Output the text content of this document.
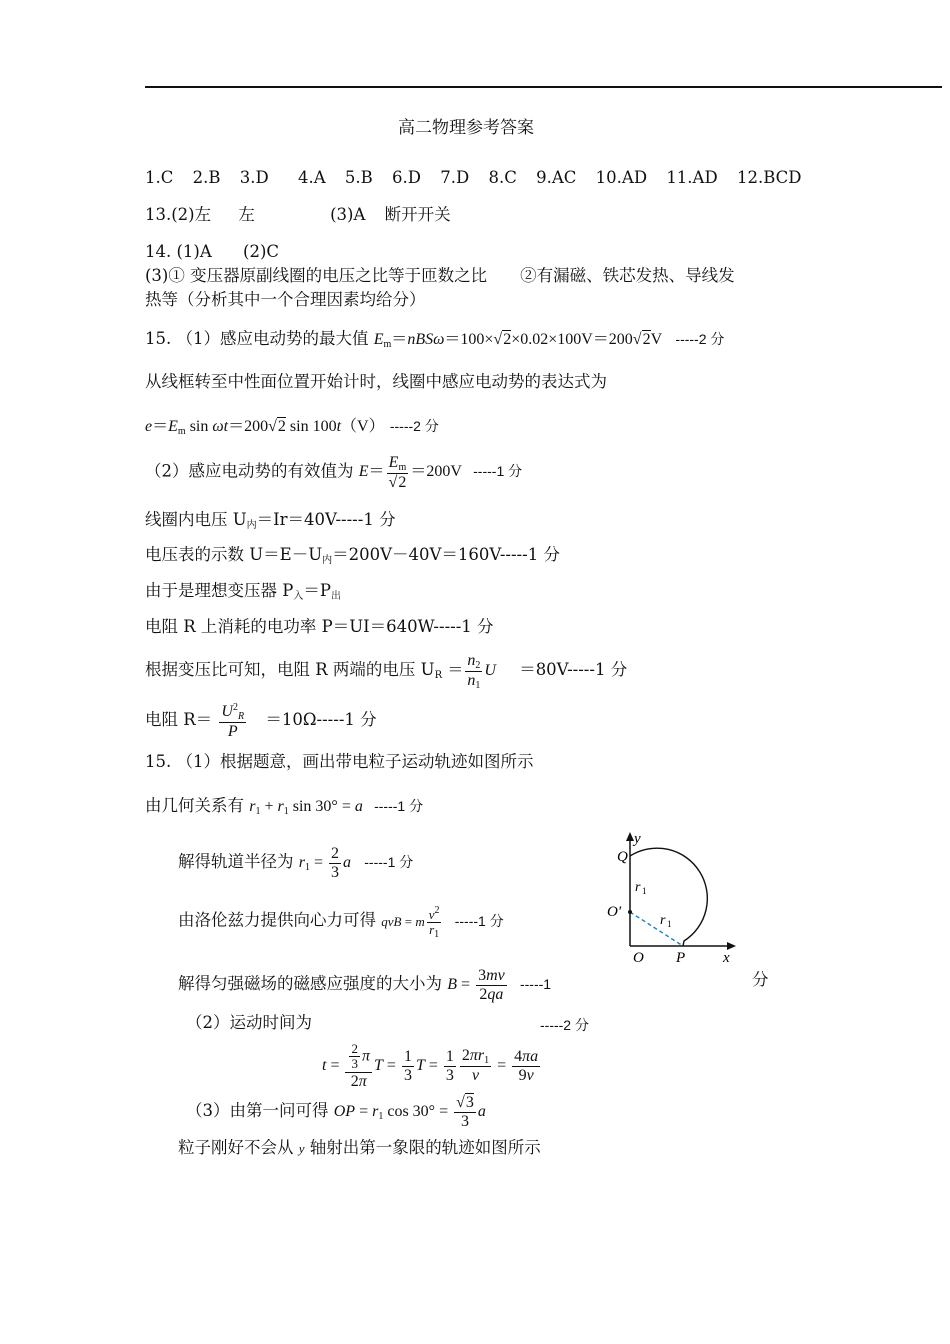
高二物理参考答案
1.C 2.B 3.D 4.A 5.B 6.D 7.D 8.C 9.AC 10.AD 11.AD 12.BCD
13.(2)左 左	(3)A 断开开关
14. (1)A (2)C
(3)① 变压器原副线圈的电压之比等于匝数之比　　②有漏磁、铁芯发热、导线发
热等（分析其中一个合理因素均给分）
15. （1）感应电动势的最大值 $E_m=nBS\omega=100\times√2\times 0.02\times 100V=200√2V$ -----2 分
从线框转至中性面位置开始计时，线圈中感应电动势的表达式为
$e=E_m$ sin ωt＝200√2 sin 100t（V） -----2 分
（2）感应电动势的有效值为 $E= \frac{E_m}{√2} =200V$ -----1 分
线圈内电压 $U_内=Ir=40V-----1$ 分
电压表的示数 $U=E-U_内=200V-40V=160V-----1$ 分
由于是理想变压器 $P_入=P_出$
电阻 R 上消耗的电功率 P＝UI＝640W-----1 分
根据变压比可知，电阻 R 两端的电压 $U_R = \frac{n_2}{n_1}$ U ＝80V-----1 分
电阻 $R= \frac{U^2_R}{P} =10\Omega-----1$ 分
15. （1）根据题意，画出带电粒子运动轨迹如图所示
由几何关系有 $r_1 + r_1$ sin 30° = a -----1 分
解得轨道半径为 $r_1 = \frac{2}{3}$ a -----1 分
由洛伦兹力提供向心力可得 qvB = m $\frac{v^2}{r_1} -----1$ 分
解得匀强磁场的磁感应强度的大小为 $B = \frac{3mv}{2qa} -----1$	分
（2）运动时间为	-----2 分
$t = \frac{\frac{2}{3} \pi}{2\pi}$ $T = \frac{1}{3}$ $T = \frac{1}{3} \frac{2\pi r_1}{v} = \frac{4\pi a}{9v}$
（3）由第一问可得 OP = $r_1$ $\cos 30^\circ = \frac{√3}{3}$ a
粒子刚好不会从 y 轴射出第一象限的轨迹如图所示
y
x
Q
r 1
O′
r 1
O P
